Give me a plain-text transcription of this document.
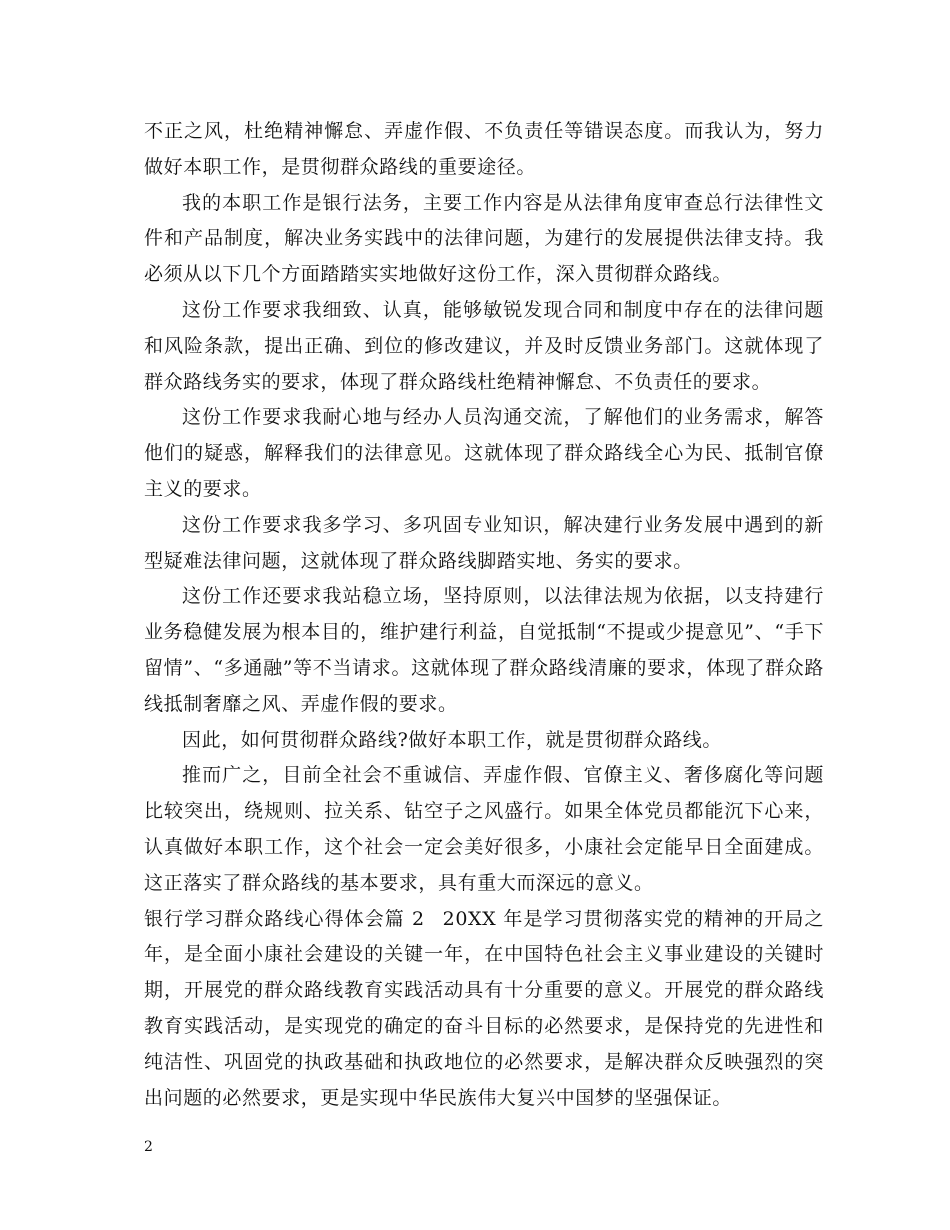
不正之风，杜绝精神懈怠、弄虚作假、不负责任等错误态度。而我认为，努力做好本职工作，是贯彻群众路线的重要途径。

我的本职工作是银行法务，主要工作内容是从法律角度审查总行法律性文件和产品制度，解决业务实践中的法律问题，为建行的发展提供法律支持。我必须从以下几个方面踏踏实实地做好这份工作，深入贯彻群众路线。

这份工作要求我细致、认真，能够敏锐发现合同和制度中存在的法律问题和风险条款，提出正确、到位的修改建议，并及时反馈业务部门。这就体现了群众路线务实的要求，体现了群众路线杜绝精神懈怠、不负责任的要求。

这份工作要求我耐心地与经办人员沟通交流，了解他们的业务需求，解答他们的疑惑，解释我们的法律意见。这就体现了群众路线全心为民、抵制官僚主义的要求。

这份工作要求我多学习、多巩固专业知识，解决建行业务发展中遇到的新型疑难法律问题，这就体现了群众路线脚踏实地、务实的要求。

这份工作还要求我站稳立场，坚持原则，以法律法规为依据，以支持建行业务稳健发展为根本目的，维护建行利益，自觉抵制“不提或少提意见”、“手下留情”、“多通融”等不当请求。这就体现了群众路线清廉的要求，体现了群众路线抵制奢靡之风、弄虚作假的要求。

因此，如何贯彻群众路线?做好本职工作，就是贯彻群众路线。

推而广之，目前全社会不重诚信、弄虚作假、官僚主义、奢侈腐化等问题比较突出，绕规则、拉关系、钻空子之风盛行。如果全体党员都能沉下心来，认真做好本职工作，这个社会一定会美好很多，小康社会定能早日全面建成。这正落实了群众路线的基本要求，具有重大而深远的意义。

银行学习群众路线心得体会篇 2 20XX 年是学习贯彻落实党的精神的开局之年，是全面小康社会建设的关键一年，在中国特色社会主义事业建设的关键时期，开展党的群众路线教育实践活动具有十分重要的意义。开展党的群众路线教育实践活动，是实现党的确定的奋斗目标的必然要求，是保持党的先进性和纯洁性、巩固党的执政基础和执政地位的必然要求，是解决群众反映强烈的突出问题的必然要求，更是实现中华民族伟大复兴中国梦的坚强保证。

2
